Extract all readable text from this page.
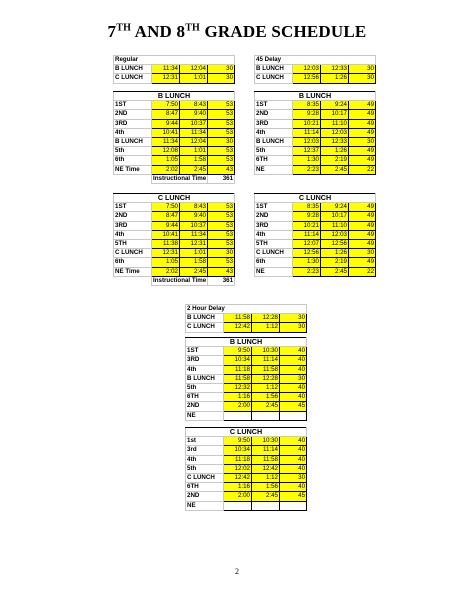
7TH AND 8TH GRADE SCHEDULE
Regular			
B LUNCH	11:34	12:04	30
C LUNCH	12:31	1:01	30
45 Delay			
B LUNCH	12:03	12:33	30
C LUNCH	12:56	1:26	30
B LUNCH			
1ST	7:50	8:43	53
2ND	8:47	9:40	53
3RD	9:44	10:37	53
4th	10:41	11:34	53
B LUNCH	11:34	12:04	30
5th	12:08	1:01	53
6th	1:05	1:58	53
NE Time	2:02	2:45	43
	Instructional Time		361
B LUNCH			
1ST	8:35	9:24	49
2ND	9:28	10:17	49
3RD	10:21	11:10	49
4th	11:14	12:03	49
B LUNCH	12:03	12:33	30
5th	12:37	1:26	49
6TH	1:30	2:19	49
NE	2:23	2:45	22
C LUNCH			
1ST	7:50	8:43	53
2ND	8:47	9:40	53
3RD	9:44	10:37	53
4th	10:41	11:34	53
5TH	11:38	12:31	53
C LUNCH	12:31	1:01	30
6th	1:05	1:58	53
NE Time	2:02	2:45	43
	Instructional Time		361
C LUNCH			
1ST	8:35	9:24	49
2ND	9:28	10:17	49
3RD	10:21	11:10	49
4th	11:14	12:03	49
5TH	12:07	12:56	49
C LUNCH	12:56	1:26	30
6th	1:30	2:19	49
NE	2:23	2:45	22
2 Hour Delay			
B LUNCH	11:58	12:28	30
C LUNCH	12:42	1:12	30
B LUNCH			
1ST	9:50	10:30	40
3RD	10:34	11:14	40
4th	11:18	11:58	40
B LUNCH	11:58	12:28	30
5th	12:32	1:12	40
6TH	1:16	1:56	40
2ND	2:00	2:45	45
NE			
C LUNCH			
1st	9:50	10:30	40
3rd	10:34	11:14	40
4th	11:18	11:58	40
5th	12:02	12:42	40
C LUNCH	12:42	1:12	30
6TH	1:16	1:56	40
2ND	2:00	2:45	45
NE			
2
